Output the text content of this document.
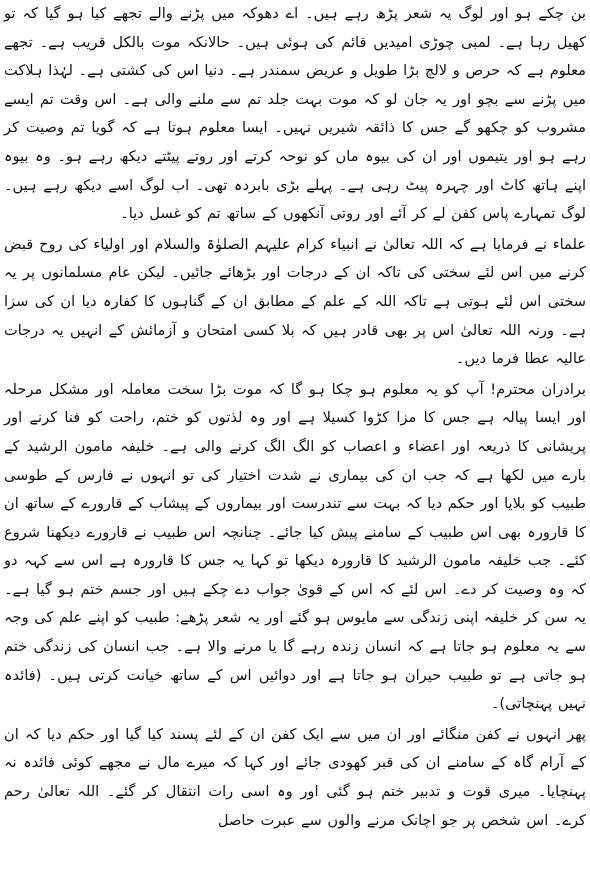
بن چکے ہو اور لوگ یہ شعر پڑھ رہے ہیں۔ اے دھوکہ میں پڑنے والے تجھے کیا ہو گیا کہ تو کھیل رہا ہے۔ لمبی چوڑی امیدیں قائم کی ہوئی ہیں۔ حالانکہ موت بالکل قریب ہے۔ تجھے معلوم ہے کہ حرص و لالچ بڑا طویل و عریض سمندر ہے۔ دنیا اس کی کشتی ہے۔ لہٰذا ہلاکت میں پڑنے سے بچو اور یہ جان لو کہ موت بہت جلد تم سے ملنے والی ہے۔ اس وقت تم ایسے مشروب کو چکھو گے جس کا ذائقہ شیریں نہیں۔ ایسا معلوم ہوتا ہے کہ گویا تم وصیت کر رہے ہو اور یتیموں اور ان کی بیوہ ماں کو نوحہ کرتے اور روتے پیٹتے دیکھ رہے ہو۔ وہ بیوہ اپنے ہاتھ کاٹ اور چہرہ پیٹ رہی ہے۔ پہلے بڑی بابردہ تھی۔ اب لوگ اسے دیکھ رہے ہیں۔ لوگ تمہارے پاس کفن لے کر آئے اور روتی آنکھوں کے ساتھ تم کو غسل دیا۔

علماء نے فرمایا ہے کہ اللہ تعالیٰ نے انبیاء کرام علیہم الصلوٰۃ والسلام اور اولیاء کی روح قبض کرنے میں اس لئے سختی کی تاکہ ان کے درجات اور بڑھائے جائیں۔ لیکن عام مسلمانوں پر یہ سختی اس لئے ہوتی ہے تاکہ اللہ کے علم کے مطابق ان کے گناہوں کا کفارہ دیا ان کی سزا ہے۔ ورنہ اللہ تعالیٰ اس پر بھی قادر ہیں کہ بلا کسی امتحان و آزمائش کے انہیں یہ درجات عالیہ عطا فرما دیں۔

برادران محترم! آپ کو یہ معلوم ہو چکا ہو گا کہ موت بڑا سخت معاملہ اور مشکل مرحلہ اور ایسا پیالہ ہے جس کا مزا کڑوا کسیلا ہے اور وہ لذتوں کو ختم، راحت کو فنا کرنے اور پریشانی کا ذریعہ اور اعضاء و اعصاب کو الگ الگ کرنے والی ہے۔ خلیفہ مامون الرشید کے بارے میں لکھا ہے کہ جب ان کی بیماری نے شدت اختیار کی تو انہوں نے فارس کے طوسی طبیب کو بلایا اور حکم دیا کہ بہت سے تندرست اور بیماروں کے پیشاب کے قارورے کے ساتھ ان کا قارورہ بھی اس طبیب کے سامنے پیش کیا جائے۔ چنانچہ اس طبیب نے قارورے دیکھنا شروع کئے۔ جب خلیفہ مامون الرشید کا قارورہ دیکھا تو کہا یہ جس کا قارورہ ہے اس سے کہہ دو کہ وہ وصیت کر دے۔ اس لئے کہ اس کے قویٰ جواب دے چکے ہیں اور جسم ختم ہو گیا ہے۔ یہ سن کر خلیفہ اپنی زندگی سے مایوس ہو گئے اور یہ شعر پڑھے: طبیب کو اپنے علم کی وجہ سے یہ معلوم ہو جاتا ہے کہ انسان زندہ رہے گا یا مرنے والا ہے۔ جب انسان کی زندگی ختم ہو جاتی ہے تو طبیب حیران ہو جاتا ہے اور دوائیں اس کے ساتھ خیانت کرتی ہیں۔ (فائدہ نہیں پہنچاتی)۔

پھر انہوں نے کفن منگائے اور ان میں سے ایک کفن ان کے لئے پسند کیا گیا اور حکم دیا کہ ان کے آرام گاہ کے سامنے ان کی قبر کھودی جائے اور کہا کہ میرے مال نے مجھے کوئی فائدہ نہ پہنچایا۔ میری قوت و تدبیر ختم ہو گئی اور وہ اسی رات انتقال کر گئے۔ اللہ تعالیٰ رحم کرے۔ اس شخص پر جو اچانک مرنے والوں سے عبرت حاصل
